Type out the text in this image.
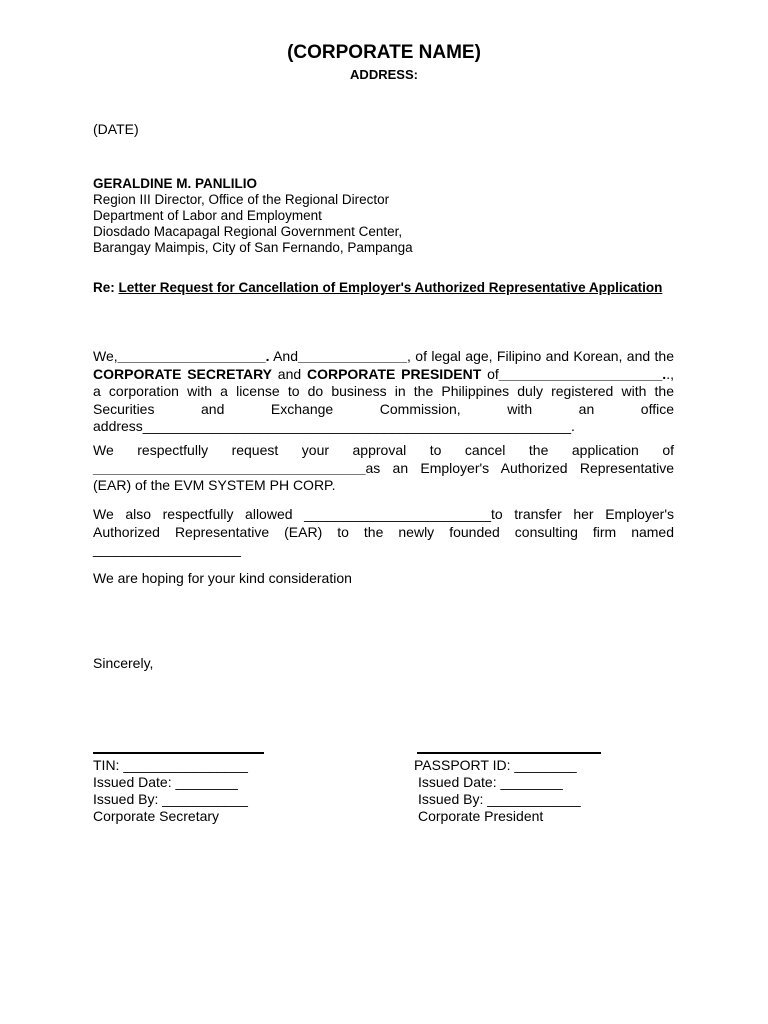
(CORPORATE NAME)
ADDRESS:
(DATE)
GERALDINE M. PANLILIO
Region III Director, Office of the Regional Director
Department of Labor and Employment
Diosdado Macapagal Regional Government Center,
Barangay Maimpis, City of San Fernando, Pampanga
Re: Letter Request for Cancellation of Employer's Authorized Representative Application
We,___________________. And______________, of legal age, Filipino and Korean, and the CORPORATE SECRETARY and CORPORATE PRESIDENT of_____________________.., a corporation with a license to do business in the Philippines duly registered with the Securities and Exchange Commission, with an office address_______________________________________________________.
We respectfully request your approval to cancel the application of ___________________________________as an Employer's Authorized Representative (EAR) of the EVM SYSTEM PH CORP.
We also respectfully allowed ________________________to transfer her Employer's Authorized Representative (EAR) to the newly founded consulting firm named ___________________
We are hoping for your kind consideration
Sincerely,
TIN: ________________
Issued Date: ________
Issued By: ___________
Corporate Secretary
PASSPORT ID: ________
Issued Date: ________
Issued By: ____________
Corporate President
